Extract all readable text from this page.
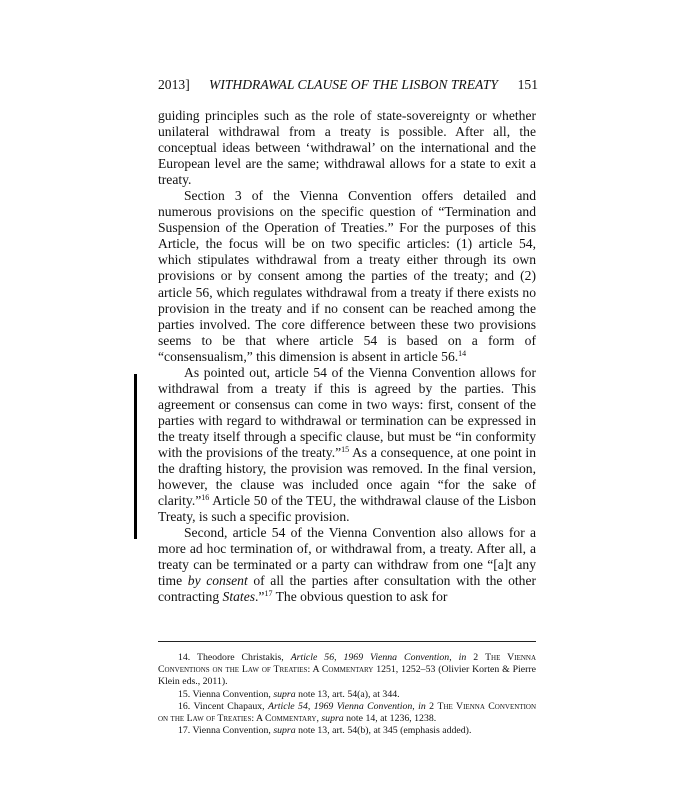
2013] WITHDRAWAL CLAUSE OF THE LISBON TREATY 151

guiding principles such as the role of state-sovereignty or whether unilateral withdrawal from a treaty is possible. After all, the conceptual ideas between ‘withdrawal’ on the international and the European level are the same; withdrawal allows for a state to exit a treaty.

Section 3 of the Vienna Convention offers detailed and numerous provisions on the specific question of “Termination and Suspension of the Operation of Treaties.” For the purposes of this Article, the focus will be on two specific articles: (1) article 54, which stipulates withdrawal from a treaty either through its own provisions or by consent among the parties of the treaty; and (2) article 56, which regulates withdrawal from a treaty if there exists no provision in the treaty and if no consent can be reached among the parties involved. The core difference between these two provisions seems to be that where article 54 is based on a form of “consensualism,” this dimension is absent in article 56.14

As pointed out, article 54 of the Vienna Convention allows for withdrawal from a treaty if this is agreed by the parties. This agreement or consensus can come in two ways: first, consent of the parties with regard to withdrawal or termination can be expressed in the treaty itself through a specific clause, but must be “in conformity with the provisions of the treaty.”$^{15}$ As a consequence, at one point in the drafting history, the provision was removed. In the final version, however, the clause was included once again “for the sake of clarity.”$^{16}$ Article 50 of the TEU, the withdrawal clause of the Lisbon Treaty, is such a specific provision.

Second, article 54 of the Vienna Convention also allows for a more ad hoc termination of, or withdrawal from, a treaty. After all, a treaty can be terminated or a party can withdraw from one “[a]t any time by consent of all the parties after consultation with the other contracting States.”$^{17}$ The obvious question to ask for

14. Theodore Christakis, Article 56, 1969 Vienna Convention, in 2 The Vienna Conventions on the Law of Treaties: A Commentary 1251, 1252–53 (Olivier Korten & Pierre Klein eds., 2011).

15. Vienna Convention, supra note 13, art. 54(a), at 344.

16. Vincent Chapaux, Article 54, 1969 Vienna Convention, in 2 The Vienna Convention on the Law of Treaties: A Commentary, supra note 14, at 1236, 1238.

17. Vienna Convention, supra note 13, art. 54(b), at 345 (emphasis added).
